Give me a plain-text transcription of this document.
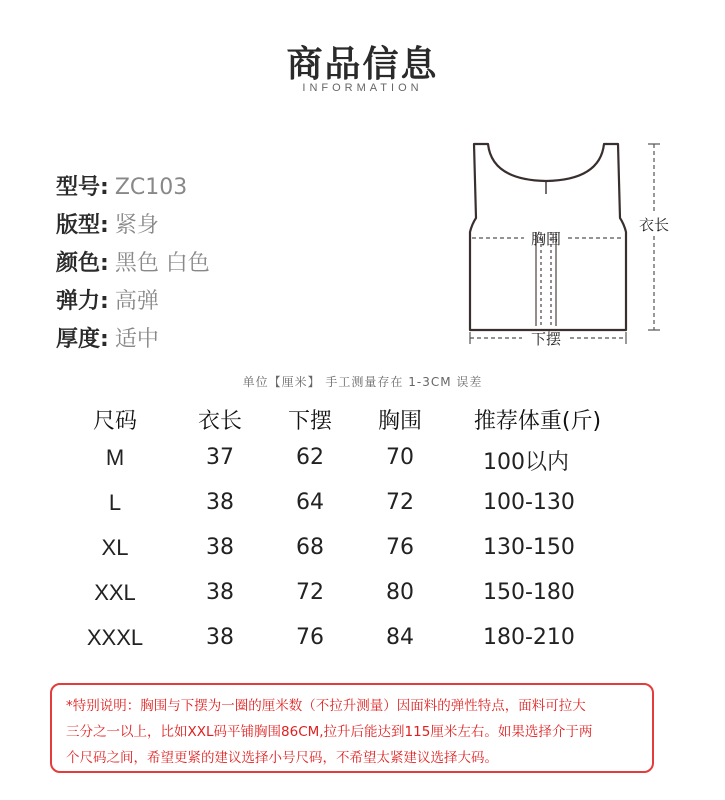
商品信息
INFORMATION
型号: ZC103
版型: 紧身
颜色: 黑色 白色
弹力: 高弹
厚度: 适中
胸围
下摆
衣长
单位【厘米】 手工测量存在 1-3CM 误差
尺码	衣长	下摆	胸围	推荐体重(斤)
M	37	62	70	100以内
L	38	64	72	100-130
XL	38	68	76	130-150
XXL	38	72	80	150-180
XXXL	38	76	84	180-210
*特别说明：胸围与下摆为一圈的厘米数（不拉升测量）因面料的弹性特点，面料可拉大
三分之一以上，比如XXL码平铺胸围86CM,拉升后能达到115厘米左右。如果选择介于两
个尺码之间，希望更紧的建议选择小号尺码，不希望太紧建议选择大码。
